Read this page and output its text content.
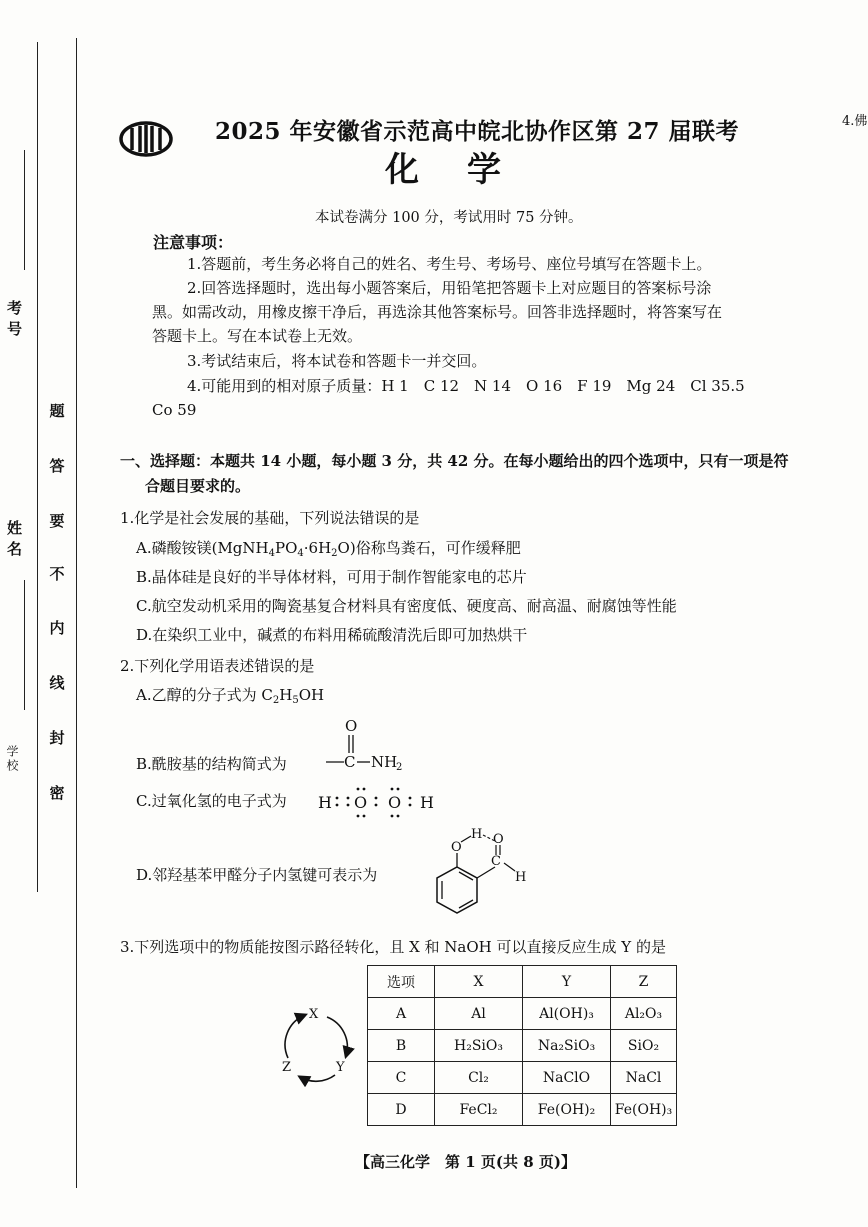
考号
姓名
学校
题
答
要
不
内
线
封
密
4.佛
2025 年安徽省示范高中皖北协作区第 27 届联考
化学
本试卷满分 100 分，考试用时 75 分钟。
注意事项：
1.答题前，考生务必将自己的姓名、考生号、考场号、座位号填写在答题卡上。
2.回答选择题时，选出每小题答案后，用铅笔把答题卡上对应题目的答案标号涂
黑。如需改动，用橡皮擦干净后，再选涂其他答案标号。回答非选择题时，将答案写在
答题卡上。写在本试卷上无效。
3.考试结束后，将本试卷和答题卡一并交回。
4.可能用到的相对原子质量：H 1　C 12　N 14　O 16　F 19　Mg 24　Cl 35.5
Co 59
一、选择题：本题共 14 小题，每小题 3 分，共 42 分。在每小题给出的四个选项中，只有一项是符
合题目要求的。
1.化学是社会发展的基础，下列说法错误的是
A.磷酸铵镁$(MgNH_4PO_4\cdot 6H_2O)$俗称鸟粪石，可作缓释肥
B.晶体硅是良好的半导体材料，可用于制作智能家电的芯片
C.航空发动机采用的陶瓷基复合材料具有密度低、硬度高、耐高温、耐腐蚀等性能
D.在染织工业中，碱煮的布料用稀硫酸清洗后即可加热烘干
2.下列化学用语表述错误的是
A.乙醇的分子式为 $C_2H_5OH$
B.酰胺基的结构简式为
O
C NH
2
C.过氧化氢的电子式为 H O O H
D.邻羟基苯甲醛分子内氢键可表示为
O
H
C
O
H
3.下列选项中的物质能按图示路径转化，且 X 和 NaOH 可以直接反应生成 Y 的是
X
Y
Z
选项	X	Y	Z
A	Al	Al(OH)₃	Al₂O₃
B	H₂SiO₃	Na₂SiO₃	SiO₂
C	Cl₂	NaClO	NaCl
D	FeCl₂	Fe(OH)₂	Fe(OH)₃
【高三化学　第 1 页(共 8 页)】
